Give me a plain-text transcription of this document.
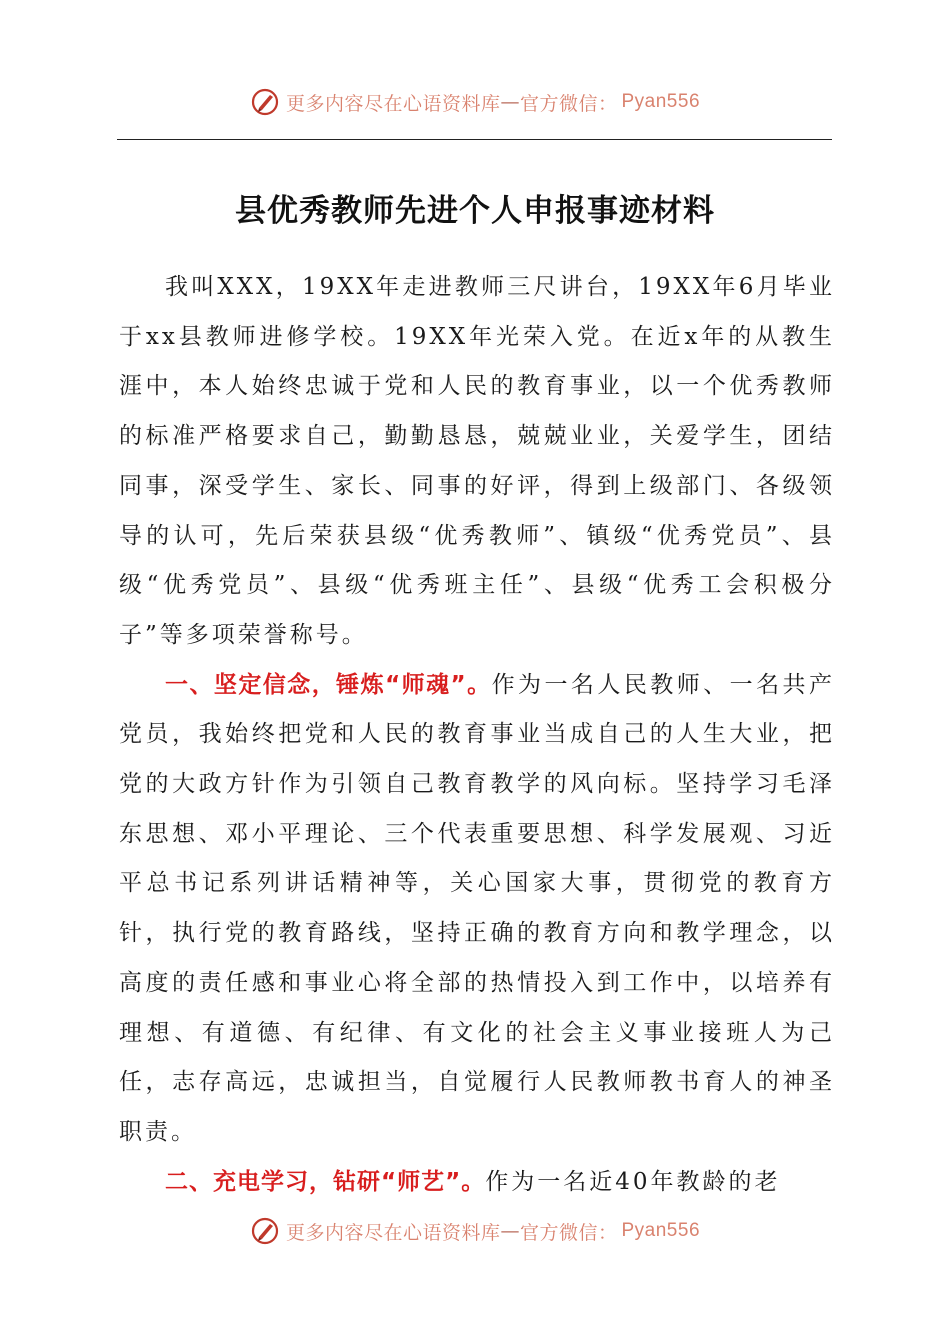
更多内容尽在心语资料库 — 官方微信： Pyan556
县优秀教师先进个人申报事迹材料

我叫XXX，19XX年走进教师三尺讲台，19XX年6月毕业于xx县教师进修学校。19XX年光荣入党。在近x年的从教生涯中，本人始终忠诚于党和人民的教育事业，以一个优秀教师的标准严格要求自己，勤勤恳恳，兢兢业业，关爱学生，团结同事，深受学生、家长、同事的好评，得到上级部门、各级领导的认可，先后荣获县级“优秀教师”、镇级“优秀党员”、县级“优秀党员”、县级“优秀班主任”、县级“优秀工会积极分子”等多项荣誉称号。

一、坚定信念，锤炼“师魂”。作为一名人民教师、一名共产党员，我始终把党和人民的教育事业当成自己的人生大业，把党的大政方针作为引领自己教育教学的风向标。坚持学习毛泽东思想、邓小平理论、三个代表重要思想、科学发展观、习近平总书记系列讲话精神等，关心国家大事，贯彻党的教育方针，执行党的教育路线，坚持正确的教育方向和教学理念，以高度的责任感和事业心将全部的热情投入到工作中，以培养有理想、有道德、有纪律、有文化的社会主义事业接班人为己任，志存高远，忠诚担当，自觉履行人民教师教书育人的神圣职责。

二、充电学习，钻研“师艺”。作为一名近40年教龄的老

更多内容尽在心语资料库 — 官方微信： Pyan556
